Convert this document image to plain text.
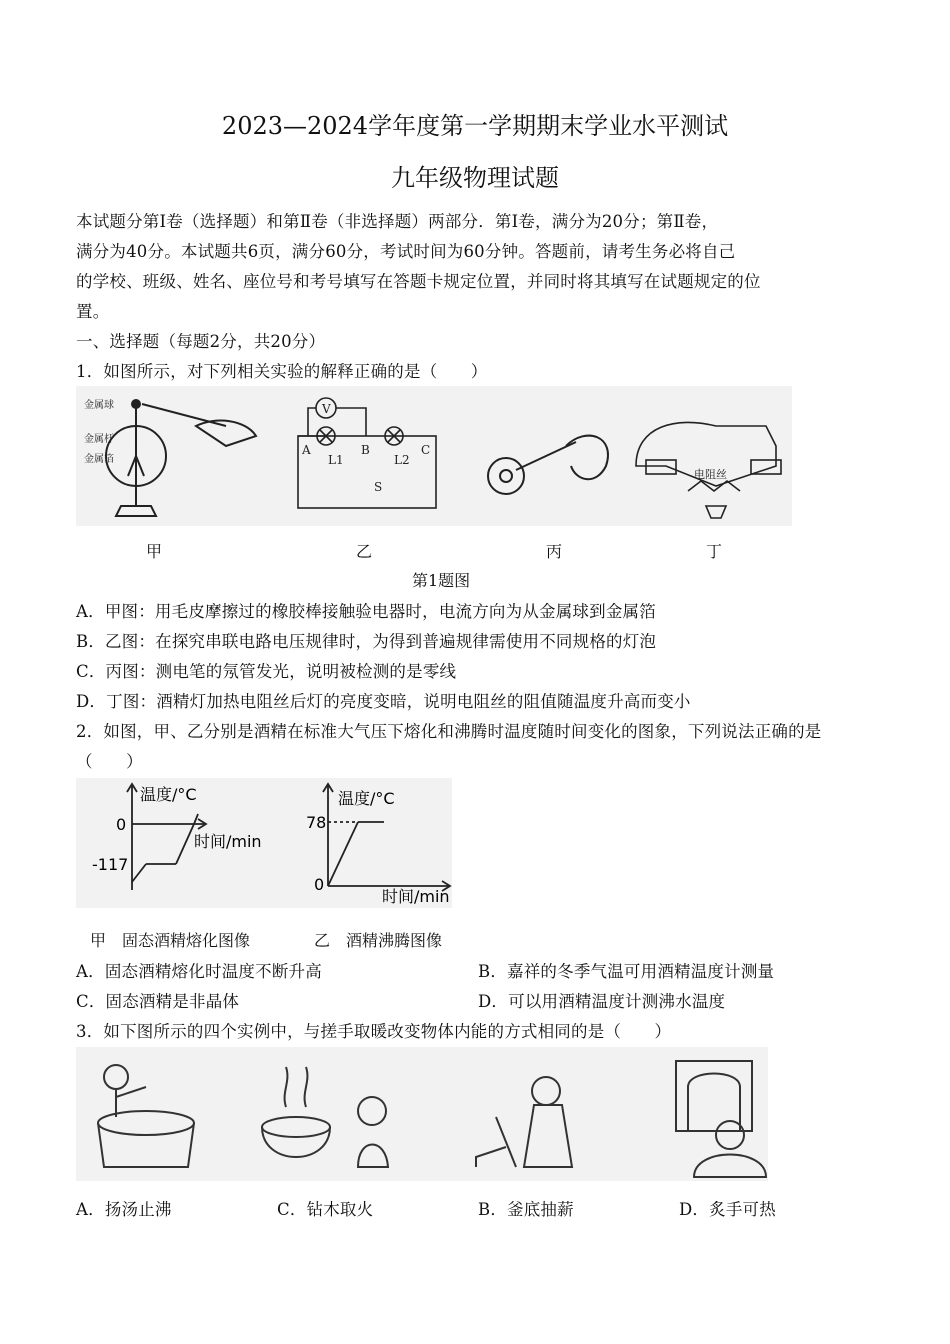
2023—2024学年度第一学期期末学业水平测试
九年级物理试题
本试题分第Ⅰ卷（选择题）和第Ⅱ卷（非选择题）两部分．第Ⅰ卷，满分为20分；第Ⅱ卷，
满分为40分。本试题共6页，满分60分，考试时间为60分钟。答题前，请考生务必将自己
的学校、班级、姓名、座位号和考号填写在答题卡规定位置，并同时将其填写在试题规定的位
置。
一、选择题（每题2分，共20分）
1．如图所示，对下列相关实验的解释正确的是（　　）
金属球
金属杆
金属箔
V
A	B	C
L1	L2
S
电阻丝
甲	乙	丙	丁
第1题图
A．甲图：用毛皮摩擦过的橡胶棒接触验电器时，电流方向为从金属球到金属箔
B．乙图：在探究串联电路电压规律时，为得到普遍规律需使用不同规格的灯泡
C．丙图：测电笔的氖管发光，说明被检测的是零线
D．丁图：酒精灯加热电阻丝后灯的亮度变暗，说明电阻丝的阻值随温度升高而变小
2．如图，甲、乙分别是酒精在标准大气压下熔化和沸腾时温度随时间变化的图象，下列说法正确的是
（　　）
温度/°C
时间/min
0
-117
温度/°C
时间/min
78
0
甲　固态酒精熔化图像　　　　乙　酒精沸腾图像
A．固态酒精熔化时温度不断升高	B．嘉祥的冬季气温可用酒精温度计测量
C．固态酒精是非晶体	D．可以用酒精温度计测沸水温度
3．如下图所示的四个实例中，与搓手取暖改变物体内能的方式相同的是（　　）
A．扬汤止沸	C．钻木取火	B．釜底抽薪	D．炙手可热
